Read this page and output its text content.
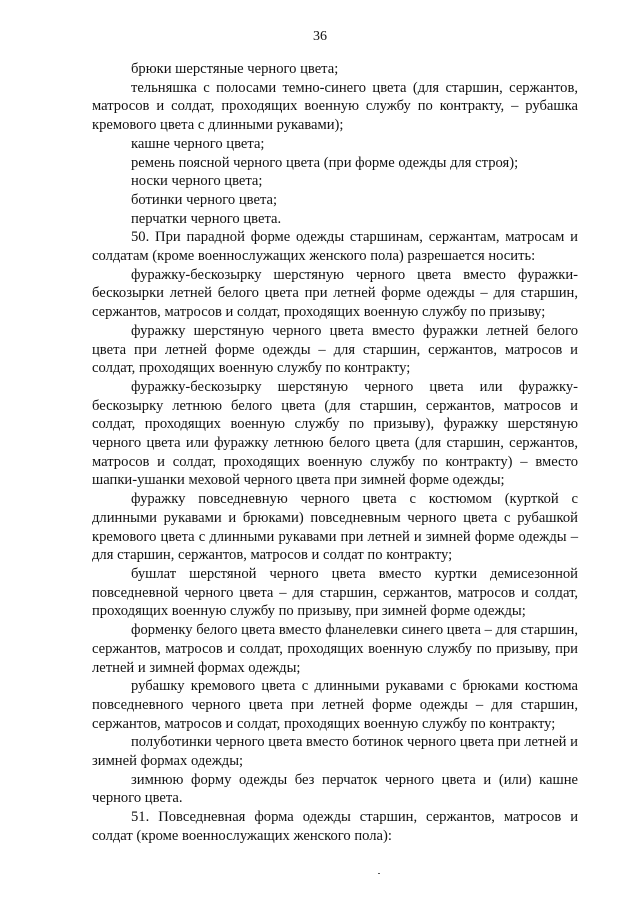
36

брюки шерстяные черного цвета;

тельняшка с полосами темно-синего цвета (для старшин, сержантов, матросов и солдат, проходящих военную службу по контракту, – рубашка кремового цвета с длинными рукавами);

кашне черного цвета;

ремень поясной черного цвета (при форме одежды для строя);

носки черного цвета;

ботинки черного цвета;

перчатки черного цвета.

50. При парадной форме одежды старшинам, сержантам, матросам и солдатам (кроме военнослужащих женского пола) разрешается носить:

фуражку-бескозырку шерстяную черного цвета вместо фуражки-бескозырки летней белого цвета при летней форме одежды – для старшин, сержантов, матросов и солдат, проходящих военную службу по призыву;

фуражку шерстяную черного цвета вместо фуражки летней белого цвета при летней форме одежды – для старшин, сержантов, матросов и солдат, проходящих военную службу по контракту;

фуражку-бескозырку шерстяную черного цвета или фуражку-бескозырку летнюю белого цвета (для старшин, сержантов, матросов и солдат, проходящих военную службу по призыву), фуражку шерстяную черного цвета или фуражку летнюю белого цвета (для старшин, сержантов, матросов и солдат, проходящих военную службу по контракту) – вместо шапки-ушанки меховой черного цвета при зимней форме одежды;

фуражку повседневную черного цвета с костюмом (курткой с длинными рукавами и брюками) повседневным черного цвета с рубашкой кремового цвета с длинными рукавами при летней и зимней форме одежды – для старшин, сержантов, матросов и солдат по контракту;

бушлат шерстяной черного цвета вместо куртки демисезонной повседневной черного цвета – для старшин, сержантов, матросов и солдат, проходящих военную службу по призыву, при зимней форме одежды;

форменку белого цвета вместо фланелевки синего цвета – для старшин, сержантов, матросов и солдат, проходящих военную службу по призыву, при летней и зимней формах одежды;

рубашку кремового цвета с длинными рукавами с брюками костюма повседневного черного цвета при летней форме одежды – для старшин, сержантов, матросов и солдат, проходящих военную службу по контракту;

полуботинки черного цвета вместо ботинок черного цвета при летней и зимней формах одежды;

зимнюю форму одежды без перчаток черного цвета и (или) кашне черного цвета.

51. Повседневная форма одежды старшин, сержантов, матросов и солдат (кроме военнослужащих женского пола):
